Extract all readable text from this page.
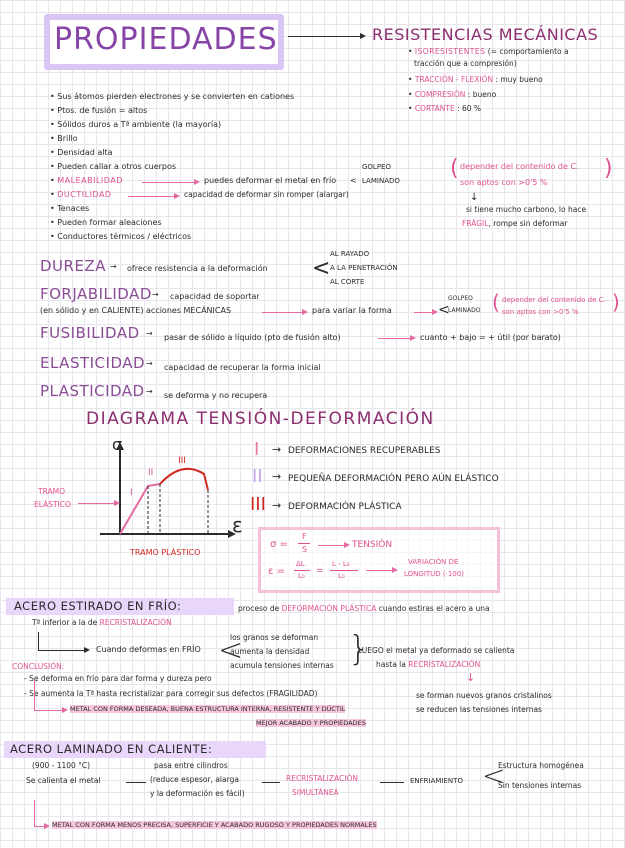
PROPIEDADES	RESISTENCIAS MECÁNICAS
• ISORESISTENTES (= comportamiento a
tracción que a compresión)
• TRACCIÓN - FLEXIÓN : muy bueno
• COMPRESIÓN : bueno
• CORTANTE : 60 %
• Sus átomos pierden electrones y se convierten en cationes
• Ptos. de fusión = altos
• Sólidos duros a Tª ambiente (la mayoría)
• Brillo
• Densidad alta
• Pueden callar a otros cuerpos
• MALEABILIDAD
• DUCTILIDAD
• Tenaces
• Pueden formar aleaciones
• Conductores térmicos / eléctricos
puedes deformar el metal en frío <
GOLPEO
LAMINADO ( depender del contenido de C.
son aptos con >0'5 %
)
capacidad de deformar sin romper (alargar)	↓
si tiene mucho carbono, lo hace
FRÁGIL, rompe sin deformar
DUREZA → ofrece resistencia a la deformación <
AL RAYADO
A LA PENETRACIÓN
AL CORTE
FORJABILIDAD → capacidad de soportar
(en sólido y en CALIENTE) acciones MECÁNICAS	para variar la forma	<
GOLPEO
LAMINADO ( depender del contenido de C.
son aptos con >0'5 % )
FUSIBILIDAD → pasar de sólido a líquido (pto de fusión alto)	cuanto + bajo = + útil (por barato)
ELASTICIDAD → capacidad de recuperar la forma inicial
PLASTICIDAD → se deforma y no recupera
DIAGRAMA TENSIÓN-DEFORMACIÓN
σ
ε
I
II
III
TRAMO
ELÁSTICO
TRAMO PLÁSTICO
I → DEFORMACIONES RECUPERABLES
II → PEQUEÑA DEFORMACIÓN PERO AÚN ELÁSTICO
III → DEFORMACIÓN PLÁSTICA
σ =
F
S	TENSIÓN
ε =
ΔL
L₀ =
L - L₀
L₀
VARIACIÓN DE
LONGITUD (·100)
ACERO ESTIRADO EN FRÍO:	proceso de DEFORMACIÓN PLÁSTICA cuando estiras el acero a una
Tª inferior a la de RECRISTALIZACIÓN
Cuando deformas en FRÍO <
los granos se deforman
aumenta la densidad
acumula tensiones internas }
LUEGO el metal ya deformado se calienta
hasta la RECRISTALIZACIÓN
↓
CONCLUSIÓN:
- Se deforma en frío para dar forma y dureza pero
- Se aumenta la Tª hasta recristalizar para corregir sus defectos (FRAGILIDAD)	se forman nuevos granos cristalinos
se reducen las tensiones internas
METAL CON FORMA DESEADA, BUENA ESTRUCTURA INTERNA, RESISTENTE Y DÚCTIL
MEJOR ACABADO Y PROPIEDADES
ACERO LAMINADO EN CALIENTE:
(900 - 1100 °C)
Se calienta el metal
pasa entre cilindros
(reduce espesor, alarga
y la deformación es fácil)
RECRISTALIZACIÓN
SIMULTÁNEA
ENFRIAMIENTO <
Estructura homogénea
Sin tensiones internas
METAL CON FORMA MENOS PRECISA, SUPERFICIE Y ACABADO RUGOSO Y PROPIEDADES NORMALES
